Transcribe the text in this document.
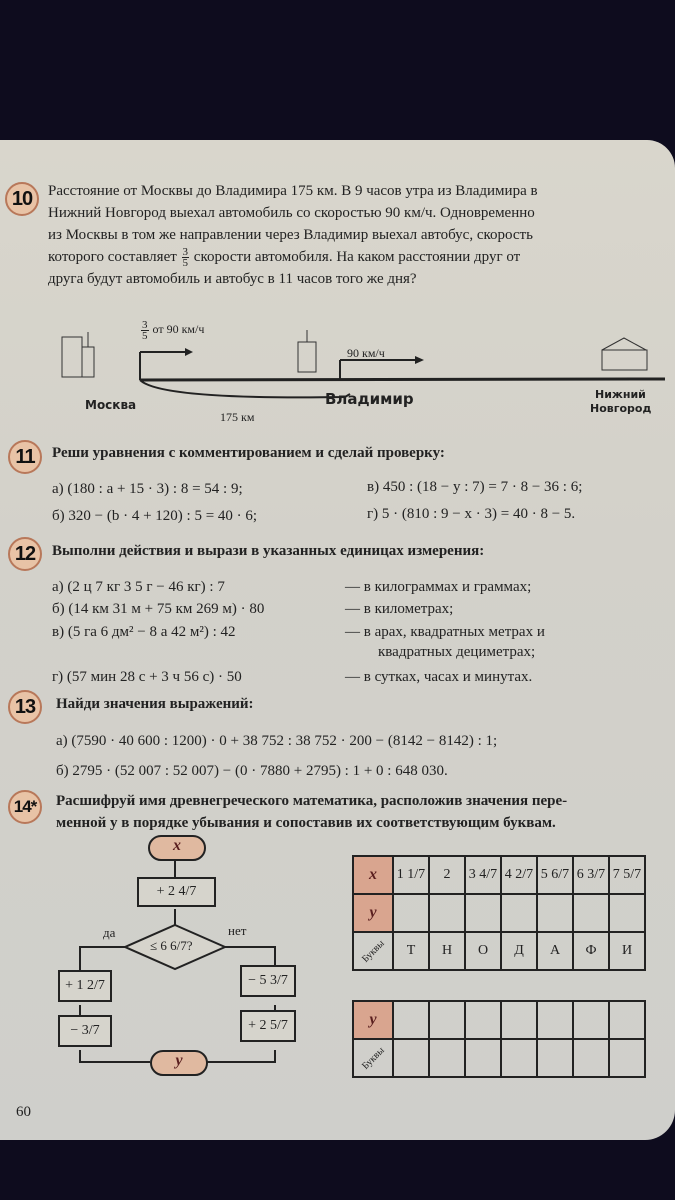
10	Расстояние от Москвы до Владимира 175 км. В 9 часов утра из Владимира в
Нижний Новгород выехал автомобиль со скоростью 90 км/ч. Одновременно
из Москвы в том же направлении через Владимир выехал автобус, скорость
которого составляет $\frac{3}{5}$ скорости автомобиля. На каком расстоянии друг от
друга будут автомобиль и автобус в 11 часов того же дня?
Москва	Владимир	Нижний
Новгород
$\frac{3}{5}$ от 90 км/ч
90 км/ч
175 км
11	Реши уравнения с комментированием и сделай проверку:
а) (180 : a + 15 · 3) : 8 = 54 : 9;
б) 320 − (b · 4 + 120) : 5 = 40 · 6;
в) 450 : (18 − y : 7) = 7 · 8 − 36 : 6;
г) 5 · (810 : 9 − x · 3) = 40 · 8 − 5.
12	Выполни действия и вырази в указанных единицах измерения:
а) (2 ц 7 кг 3 5 г − 46 кг) : 7	— в килограммах и граммах;
б) (14 км 31 м + 75 км 269 м) · 80	— в километрах;
в) (5 га 6 дм² − 8 а 42 м²) : 42	— в арах, квадратных метрах и
квадратных дециметрах;
г) (57 мин 28 с + 3 ч 56 с) · 50	— в сутках, часах и минутах.
13	Найди значения выражений:
а) (7590 · 40 600 : 1200) · 0 + 38 752 : 38 752 · 200 − (8142 − 8142) : 1;
б) 2795 · (52 007 : 52 007) − (0 · 7880 + 2795) : 1 + 0 : 648 030.
14*	Расшифруй имя древнегреческого математика, расположив значения пере-
менной y в порядке убывания и сопоставив их соответствующим буквам.
x
+ 2 4/7
≤ 6 6/7?
да	нет
+ 1 2/7
− 3/7
− 5 3/7
+ 2 5/7
y
x	1 1/7	2	3 4/7	4 2/7	5 6/7	6 3/7	7 5/7
y							
Буквы	Т	Н	О	Д	А	Ф	И
y							
Буквы							
60
